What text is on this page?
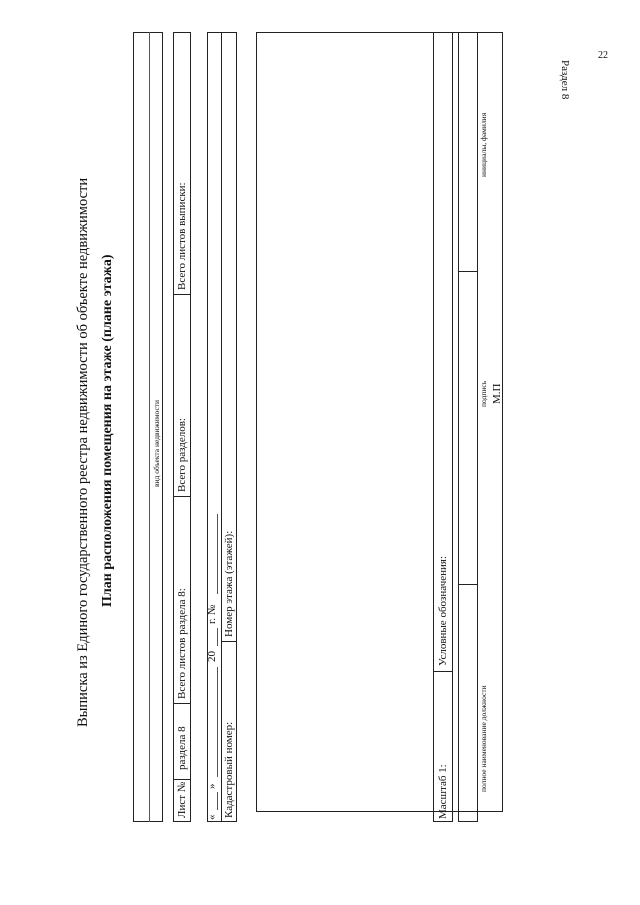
22
Раздел 8
Выписка из Единого государственного реестра недвижимости об объекте недвижимости План расположения помещения на этаже (плане этажа)	вид объекта недвижимости
Лист №
раздела 8
Всего листов раздела 8:
Всего разделов:
Всего листов выписки:
«
»
20
г. №
Кадастровый номер:
Номер этажа (этажей):
Масштаб 1:
Условные обозначения:
полное наименование должности
подпись
инициалы, фамилия
М.П
